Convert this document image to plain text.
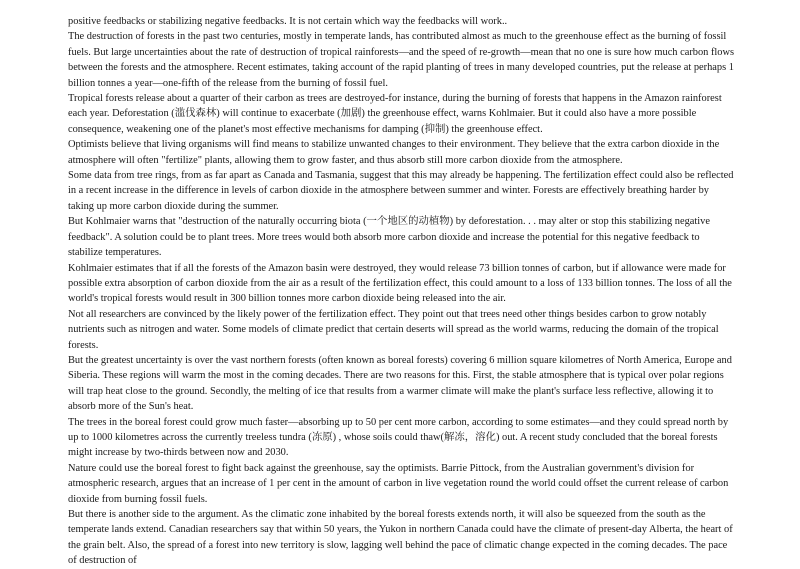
positive feedbacks or stabilizing negative feedbacks. It is not certain which way the feedbacks will work..

The destruction of forests in the past two centuries, mostly in temperate lands, has contributed almost as much to the greenhouse effect as the burning of fossil fuels. But large uncertainties about the rate of destruction of tropical rainforests—and the speed of re-growth—mean that no one is sure how much carbon flows between the forests and the atmosphere. Recent estimates, taking account of the rapid planting of trees in many developed countries, put the release at perhaps 1 billion tonnes a year—one-fifth of the release from the burning of fossil fuel.

Tropical forests release about a quarter of their carbon as trees are destroyed-for instance, during the burning of forests that happens in the Amazon rainforest each year. Deforestation (滥伐森林) will continue to exacerbate (加剧) the greenhouse effect, warns Kohlmaier. But it could also have a more possible consequence, weakening one of the planet's most effective mechanisms for damping (抑制) the greenhouse effect.

Optimists believe that living organisms will find means to stabilize unwanted changes to their environment. They believe that the extra carbon dioxide in the atmosphere will often "fertilize" plants, allowing them to grow faster, and thus absorb still more carbon dioxide from the atmosphere.

Some data from tree rings, from as far apart as Canada and Tasmania, suggest that this may already be happening. The fertilization effect could also be reflected in a recent increase in the difference in levels of carbon dioxide in the atmosphere between summer and winter. Forests are effectively breathing harder by taking up more carbon dioxide during the summer.

But Kohlmaier warns that "destruction of the naturally occurring biota (一个地区的动植物) by deforestation. . . may alter or stop this stabilizing negative feedback". A solution could be to plant trees. More trees would both absorb more carbon dioxide and increase the potential for this negative feedback to stabilize temperatures.

Kohlmaier estimates that if all the forests of the Amazon basin were destroyed, they would release 73 billion tonnes of carbon, but if allowance were made for possible extra absorption of carbon dioxide from the air as a result of the fertilization effect, this could amount to a loss of 133 billion tonnes. The loss of all the world's tropical forests would result in 300 billion tonnes more carbon dioxide being released into the air.

Not all researchers are convinced by the likely power of the fertilization effect. They point out that trees need other things besides carbon to grow notably nutrients such as nitrogen and water. Some models of climate predict that certain deserts will spread as the world warms, reducing the domain of the tropical forests.

But the greatest uncertainty is over the vast northern forests (often known as boreal forests) covering 6 million square kilometres of North America, Europe and Siberia. These regions will warm the most in the coming decades. There are two reasons for this. First, the stable atmosphere that is typical over polar regions will trap heat close to the ground. Secondly, the melting of ice that results from a warmer climate will make the plant's surface less reflective, allowing it to absorb more of the Sun's heat.

The trees in the boreal forest could grow much faster—absorbing up to 50 per cent more carbon, according to some estimates—and they could spread north by up to 1000 kilometres across the currently treeless tundra (冻原) , whose soils could thaw(解冻，溶化) out. A recent study concluded that the boreal forests might increase by two-thirds between now and 2030.

Nature could use the boreal forest to fight back against the greenhouse, say the optimists. Barrie Pittock, from the Australian government's division for atmospheric research, argues that an increase of 1 per cent in the amount of carbon in live vegetation round the world could offset the current release of carbon dioxide from burning fossil fuels.

But there is another side to the argument. As the climatic zone inhabited by the boreal forests extends north, it will also be squeezed from the south as the temperate lands extend. Canadian researchers say that within 50 years, the Yukon in northern Canada could have the climate of present-day Alberta, the heart of the grain belt. Also, the spread of a forest into new territory is slow, lagging well behind the pace of climatic change expected in the coming decades. The pace of destruction of
